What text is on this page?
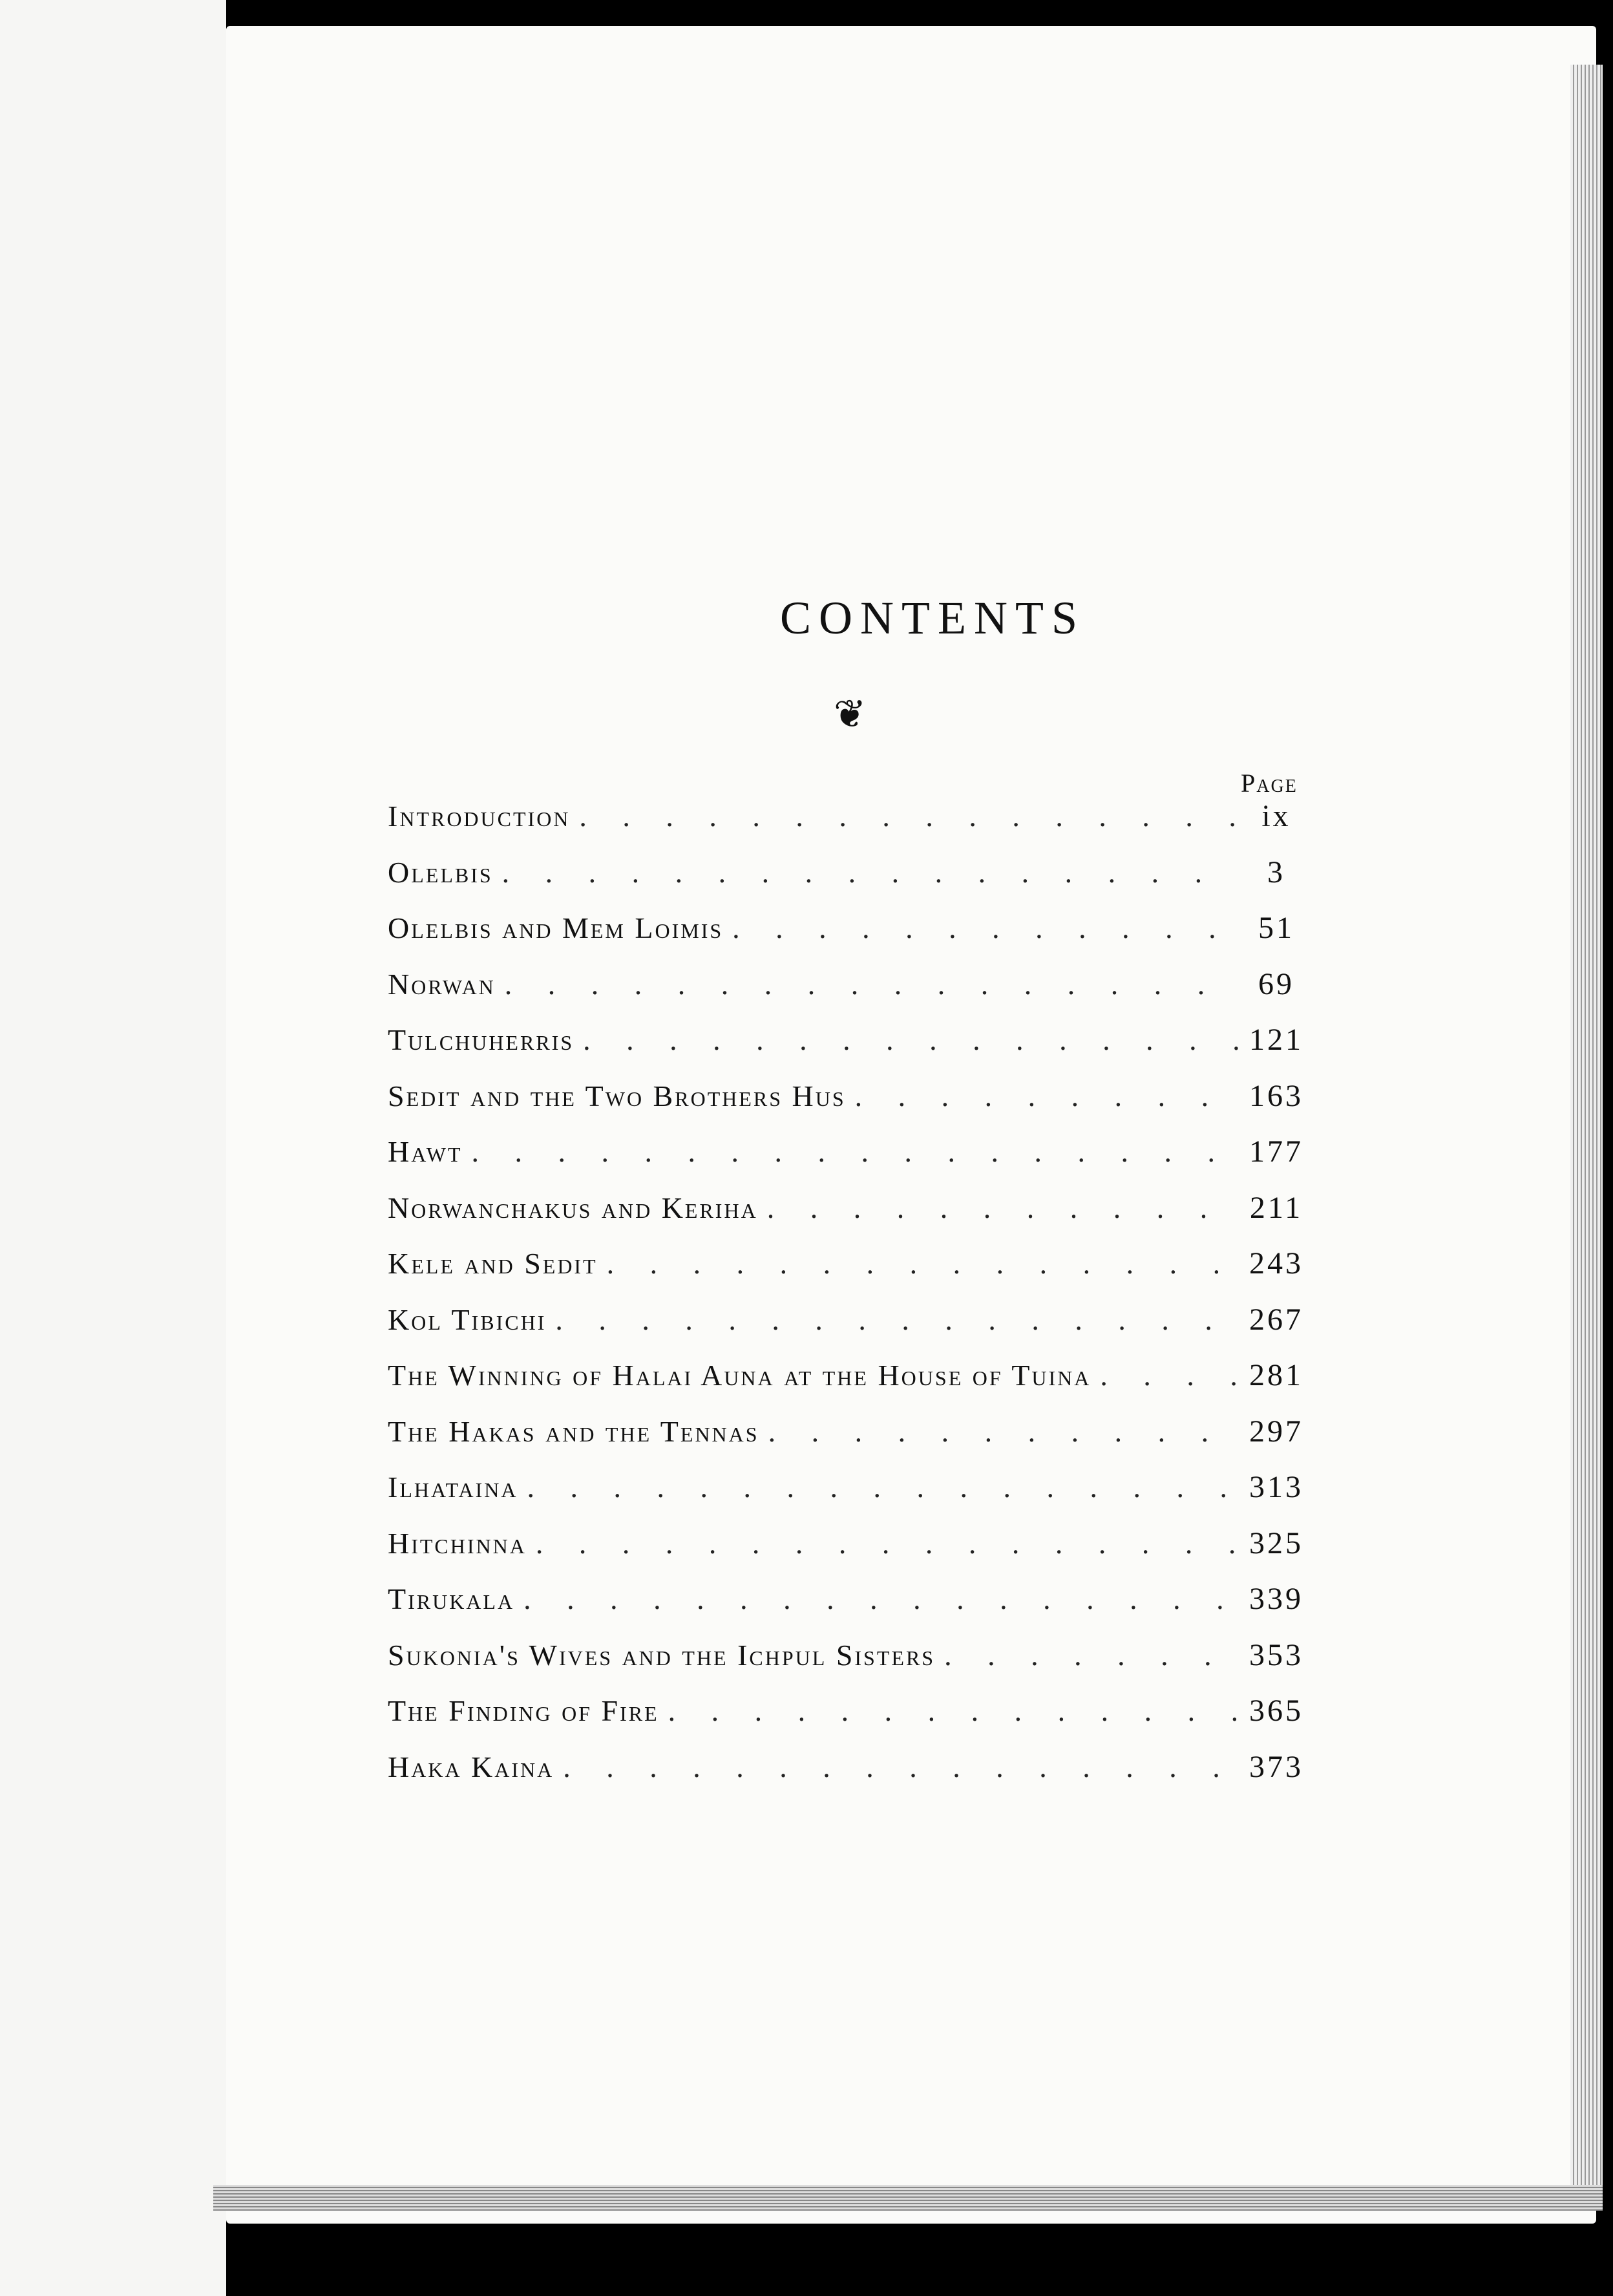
CONTENTS
❦
Page
Introduction . . .	ix
Olelbis . . .	3
Olelbis and Mem Loimis . . .	51
Norwan . . .	69
Tulchuherris . . .	121
Sedit and the Two Brothers Hus . . .	163
Hawt . . .	177
Norwanchakus and Keriha . . .	211
Kele and Sedit . . .	243
Kol Tibichi . . .	267
The Winning of Halai Auna at the House of Tuina . . .	281
The Hakas and the Tennas . . .	297
Ilhataina . . .	313
Hitchinna . . .	325
Tirukala . . .	339
Sukonia's Wives and the Ichpul Sisters . . .	353
The Finding of Fire . . .	365
Haka Kaina . . .	373
